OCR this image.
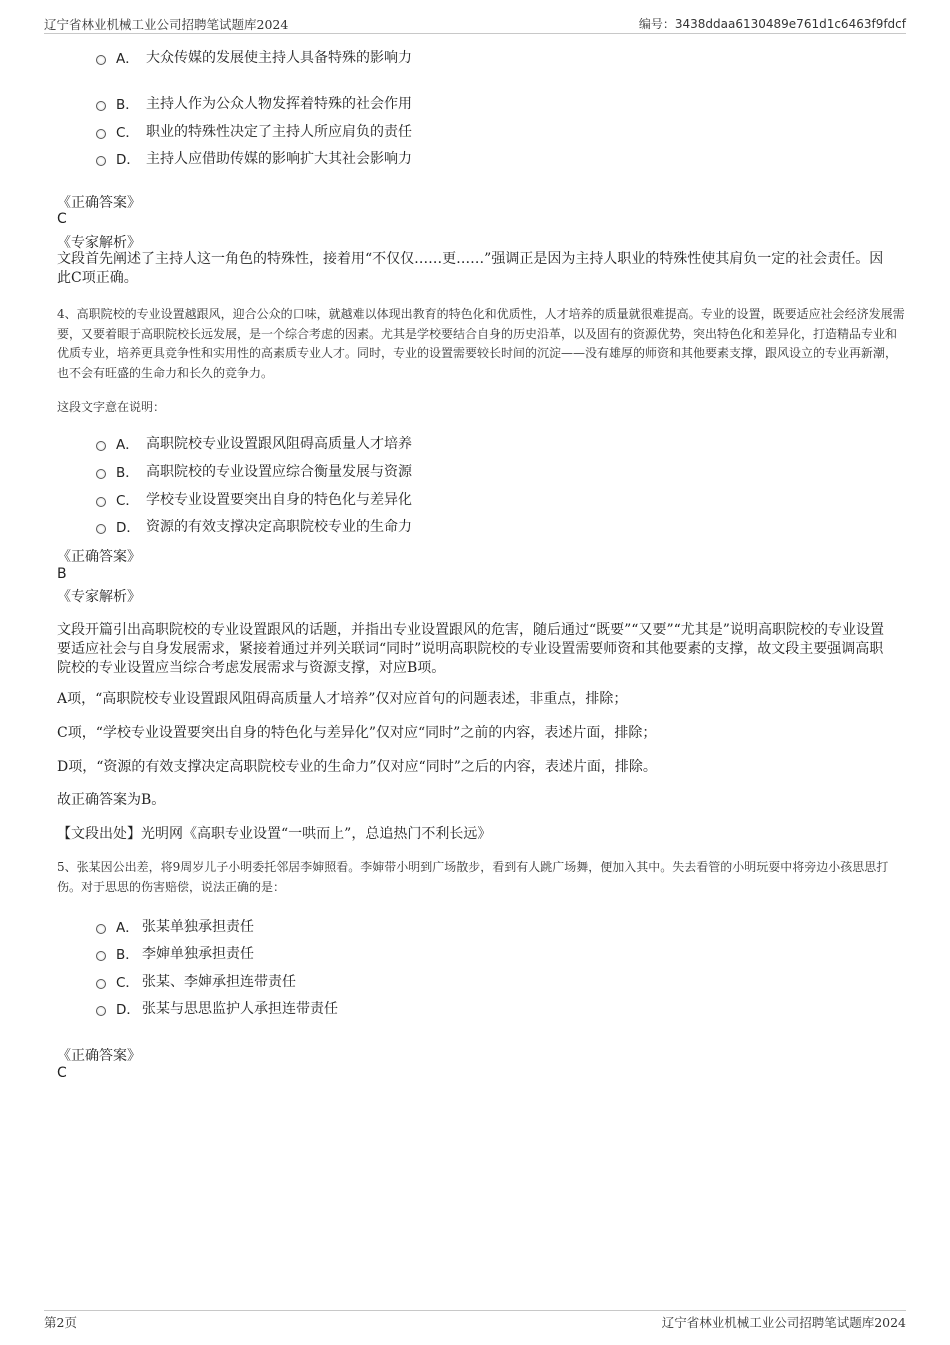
辽宁省林业机械工业公司招聘笔试题库2024	编号：3438ddaa6130489e761d1c6463f9fdcf
A． 大众传媒的发展使主持人具备特殊的影响力
B． 主持人作为公众人物发挥着特殊的社会作用
C． 职业的特殊性决定了主持人所应肩负的责任
D． 主持人应借助传媒的影响扩大其社会影响力
《正确答案》
C
《专家解析》
文段首先阐述了主持人这一角色的特殊性，接着用“不仅仅……更……”强调正是因为主持人职业的特殊性使其肩负一定的社会责任。因此C项正确。
4、高职院校的专业设置越跟风，迎合公众的口味，就越难以体现出教育的特色化和优质性，人才培养的质量就很难提高。专业的设置，既要适应社会经济发展需要，又要着眼于高职院校长远发展，是一个综合考虑的因素。尤其是学校要结合自身的历史沿革，以及固有的资源优势，突出特色化和差异化，打造精品专业和优质专业，培养更具竞争性和实用性的高素质专业人才。同时，专业的设置需要较长时间的沉淀——没有雄厚的师资和其他要素支撑，跟风设立的专业再新潮，也不会有旺盛的生命力和长久的竞争力。
这段文字意在说明：
A． 高职院校专业设置跟风阻碍高质量人才培养
B． 高职院校的专业设置应综合衡量发展与资源
C． 学校专业设置要突出自身的特色化与差异化
D． 资源的有效支撑决定高职院校专业的生命力
《正确答案》
B
《专家解析》
文段开篇引出高职院校的专业设置跟风的话题，并指出专业设置跟风的危害，随后通过“既要”“又要”“尤其是”说明高职院校的专业设置要适应社会与自身发展需求，紧接着通过并列关联词“同时”说明高职院校的专业设置需要师资和其他要素的支撑，故文段主要强调高职院校的专业设置应当综合考虑发展需求与资源支撑，对应B项。
A项，“高职院校专业设置跟风阻碍高质量人才培养”仅对应首句的问题表述，非重点，排除；
C项，“学校专业设置要突出自身的特色化与差异化”仅对应“同时”之前的内容，表述片面，排除；
D项，“资源的有效支撑决定高职院校专业的生命力”仅对应“同时”之后的内容，表述片面，排除。
故正确答案为B。
【文段出处】光明网《高职专业设置“一哄而上”，总追热门不利长远》
5、张某因公出差，将9周岁儿子小明委托邻居李婶照看。李婶带小明到广场散步，看到有人跳广场舞，便加入其中。失去看管的小明玩耍中将旁边小孩思思打伤。对于思思的伤害赔偿，说法正确的是：
A． 张某单独承担责任
B． 李婶单独承担责任
C． 张某、李婶承担连带责任
D． 张某与思思监护人承担连带责任
《正确答案》
C
第2页	辽宁省林业机械工业公司招聘笔试题库2024
